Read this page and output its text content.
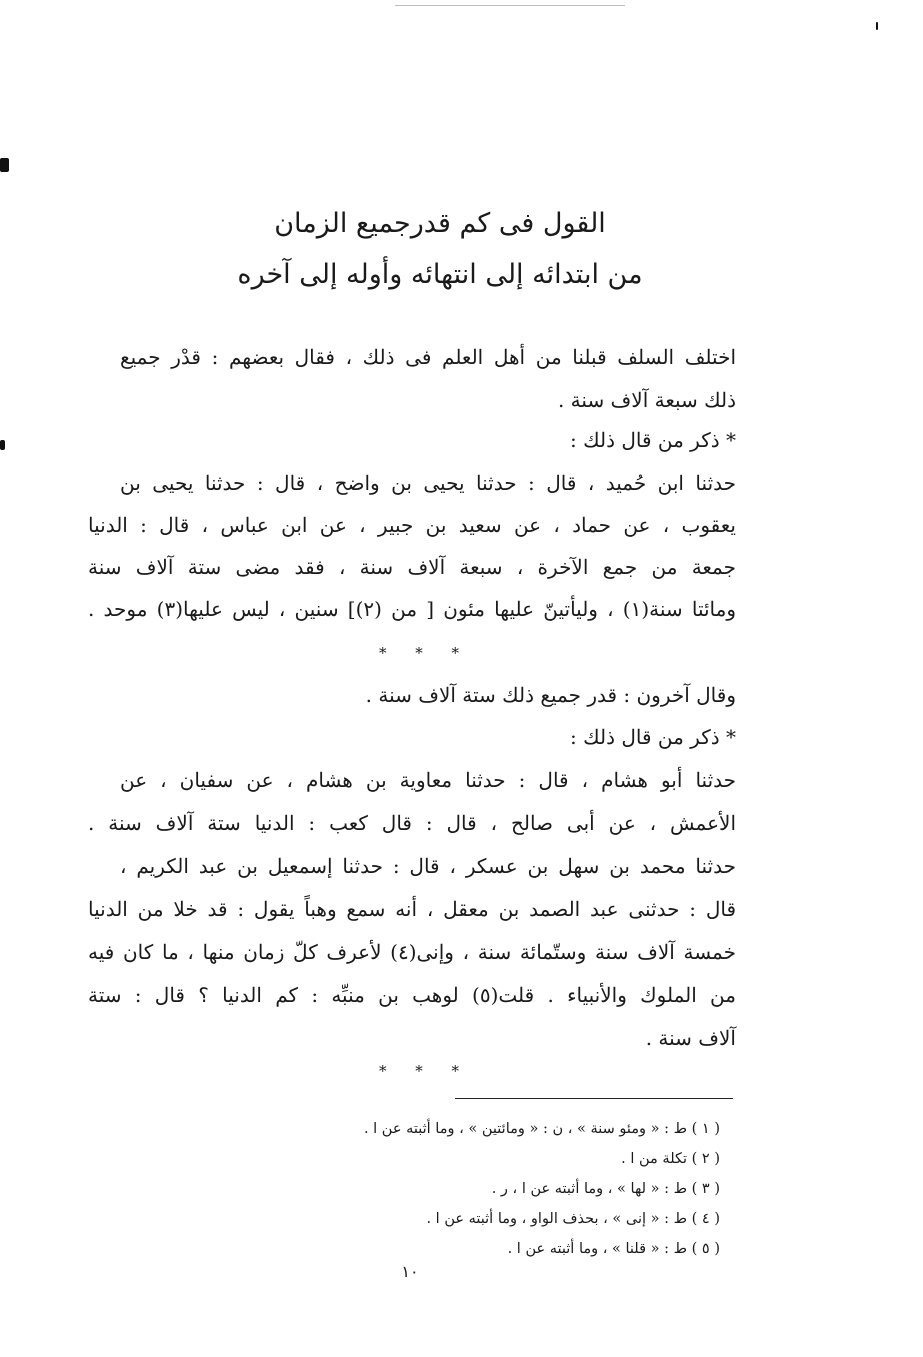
القول فى كم قدرجميع الزمان
من ابتدائه إلى انتهائه وأوله إلى آخره
اختلف السلف قبلنا من أهل العلم فى ذلك ، فقال بعضهم : قدْر جميع
ذلك سبعة آلاف سنة .
* ذكر من قال ذلك :
حدثنا ابن حُميد ، قال : حدثنا يحيى بن واضح ، قال : حدثنا يحيى بن
يعقوب ، عن حماد ، عن سعيد بن جبير ، عن ابن عباس ، قال : الدنيا
جمعة من جمع الآخرة ، سبعة آلاف سنة ، فقد مضى ستة آلاف سنة
ومائتا سنة(١) ، وليأتينّ عليها مئون [ من (٢)] سنين ، ليس عليها(٣) موحد .
وقال آخرون : قدر جميع ذلك ستة آلاف سنة .
* ذكر من قال ذلك :
حدثنا أبو هشام ، قال : حدثنا معاوية بن هشام ، عن سفيان ، عن
الأعمش ، عن أبى صالح ، قال : قال كعب : الدنيا ستة آلاف سنة .
حدثنا محمد بن سهل بن عسكر ، قال : حدثنا إسمعيل بن عبد الكريم ،
قال : حدثنى عبد الصمد بن معقل ، أنه سمع وهباً يقول : قد خلا من الدنيا
خمسة آلاف سنة وستّمائة سنة ، وإنى(٤) لأعرف كلّ زمان منها ، ما كان فيه
من الملوك والأنبياء . قلت(٥) لوهب بن منبِّه : كم الدنيا ؟ قال : ستة
آلاف سنة .
* * *
* * *
( ١ ) ط : « ومئو سنة » ، ن : « ومائتين » ، وما أثبته عن ا .
( ٢ ) تكلة من ا .
( ٣ ) ط : « لها » ، وما أثبته عن ا ، ر .
( ٤ ) ط : « إنى » ، بحذف الواو ، وما أثبته عن ا .
( ٥ ) ط : « قلنا » ، وما أثبته عن ا .
١٠
